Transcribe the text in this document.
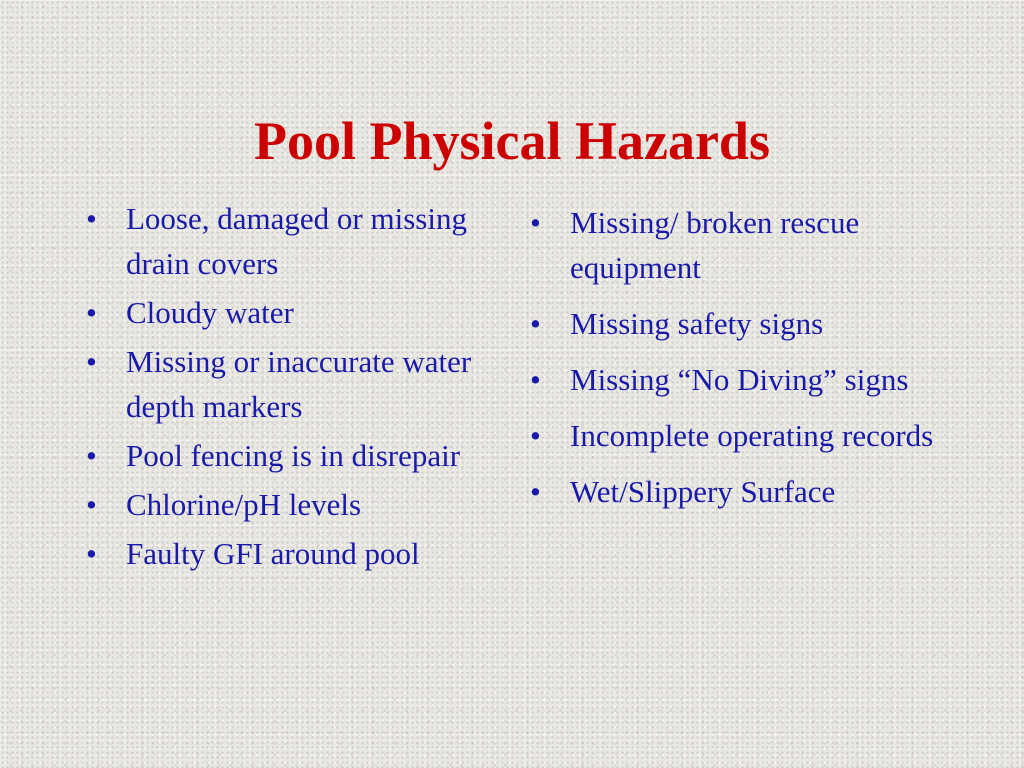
Pool Physical Hazards
• Loose, damaged or missing drain covers
• Cloudy water
• Missing or inaccurate water depth markers
• Pool fencing is in disrepair
• Chlorine/pH levels
• Faulty GFI around pool
• Missing/ broken rescue equipment
• Missing safety signs
• Missing “No Diving” signs
• Incomplete operating records
• Wet/Slippery Surface
